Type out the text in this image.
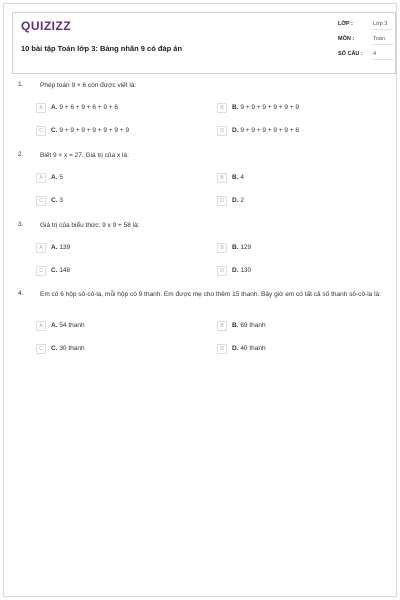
QUIZIZZ
10 bài tập Toán lớp 3: Bảng nhân 9 có đáp án
LỚP :	Lớp 3
MÔN :	Toán
SỐ CÂU : 4
1.	Phép toán 9 × 6 còn được viết là:
A	A. 9 + 6 + 9 + 6 + 9 + 6	B	B. 9 + 9 + 9 + 9 + 9 + 9
C	C. 9 + 9 + 9 + 9 + 9 + 9 + 9	D	D. 9 + 9 + 9 + 9 + 9 + 6
2.	Biết 9 × x = 27. Giá trị của x là:
A	A. 5	B	B. 4
C	C. 3	D	D. 2
3.	Giá trị của biểu thức: 9 x 9 + 58 là:
A	A. 139	B	B. 129
C	C. 148	D	D. 130
4.	Em có 6 hộp sô-cô-la, mỗi hộp có 9 thanh. Em được mẹ cho thêm 15 thanh. Bây giờ em có tất cả số thanh sô-cô-la là:
A	A. 54 thanh	B	B. 69 thanh
C	C. 30 thanh	D	D. 40 thanh
